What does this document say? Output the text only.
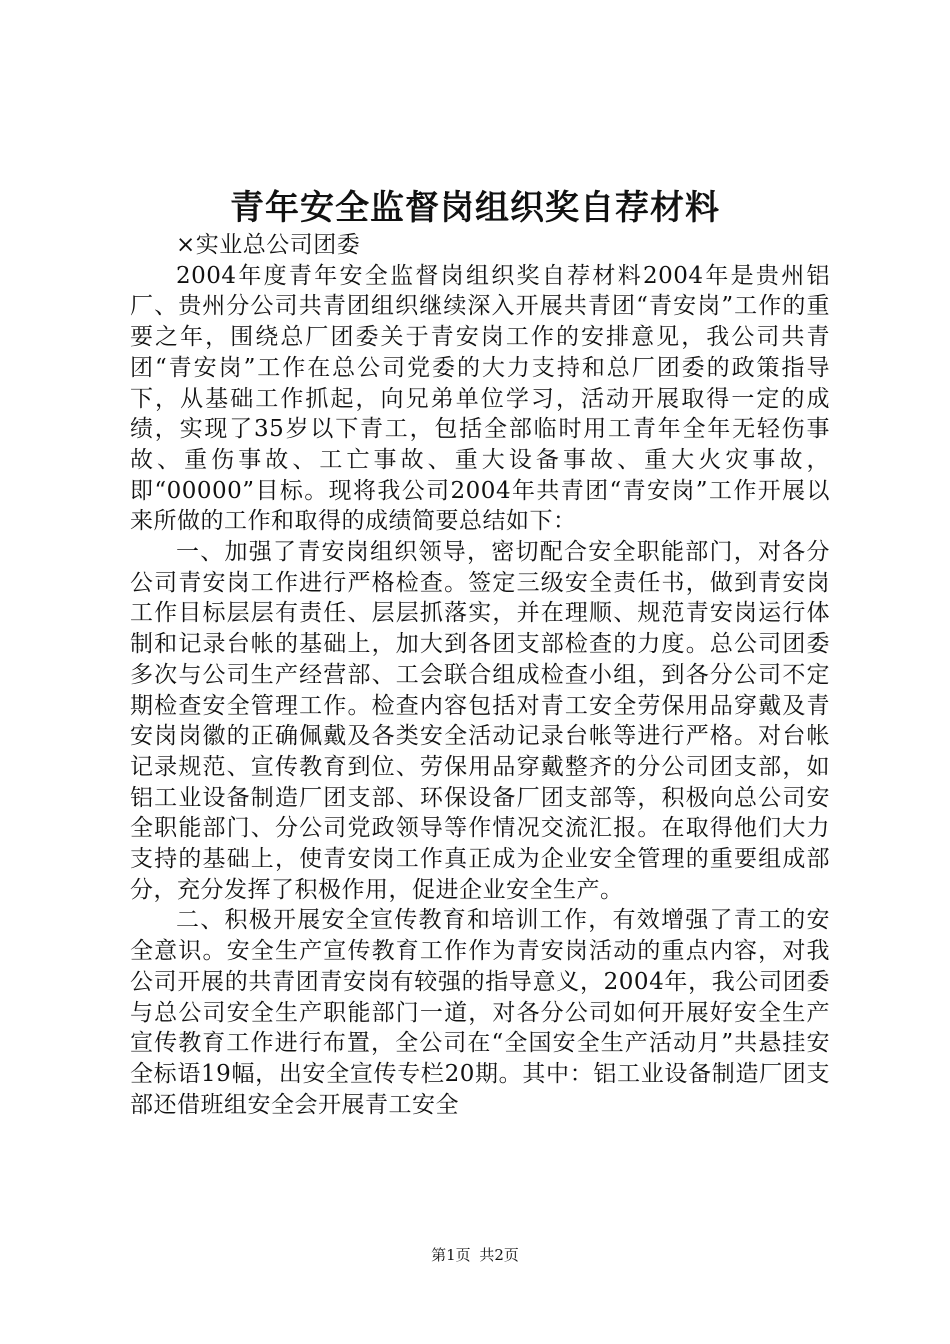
青年安全监督岗组织奖自荐材料

×实业总公司团委

2004年度青年安全监督岗组织奖自荐材料2004年是贵州铝厂、贵州分公司共青团组织继续深入开展共青团“青安岗”工作的重要之年，围绕总厂团委关于青安岗工作的安排意见，我公司共青团“青安岗”工作在总公司党委的大力支持和总厂团委的政策指导下，从基础工作抓起，向兄弟单位学习，活动开展取得一定的成绩，实现了35岁以下青工，包括全部临时用工青年全年无轻伤事故、重伤事故、工亡事故、重大设备事故、重大火灾事故，即“00000”目标。现将我公司2004年共青团“青安岗”工作开展以来所做的工作和取得的成绩简要总结如下：

一、加强了青安岗组织领导，密切配合安全职能部门，对各分公司青安岗工作进行严格检查。签定三级安全责任书，做到青安岗工作目标层层有责任、层层抓落实，并在理顺、规范青安岗运行体制和记录台帐的基础上，加大到各团支部检查的力度。总公司团委多次与公司生产经营部、工会联合组成检查小组，到各分公司不定期检查安全管理工作。检查内容包括对青工安全劳保用品穿戴及青安岗岗徽的正确佩戴及各类安全活动记录台帐等进行严格。对台帐记录规范、宣传教育到位、劳保用品穿戴整齐的分公司团支部，如铝工业设备制造厂团支部、环保设备厂团支部等，积极向总公司安全职能部门、分公司党政领导等作情况交流汇报。在取得他们大力支持的基础上，使青安岗工作真正成为企业安全管理的重要组成部分，充分发挥了积极作用，促进企业安全生产。

二、积极开展安全宣传教育和培训工作，有效增强了青工的安全意识。安全生产宣传教育工作作为青安岗活动的重点内容，对我公司开展的共青团青安岗有较强的指导意义，2004年，我公司团委与总公司安全生产职能部门一道，对各分公司如何开展好安全生产宣传教育工作进行布置，全公司在“全国安全生产活动月”共悬挂安全标语19幅，出安全宣传专栏20期。其中：铝工业设备制造厂团支部还借班组安全会开展青工安全

第1页 共2页
